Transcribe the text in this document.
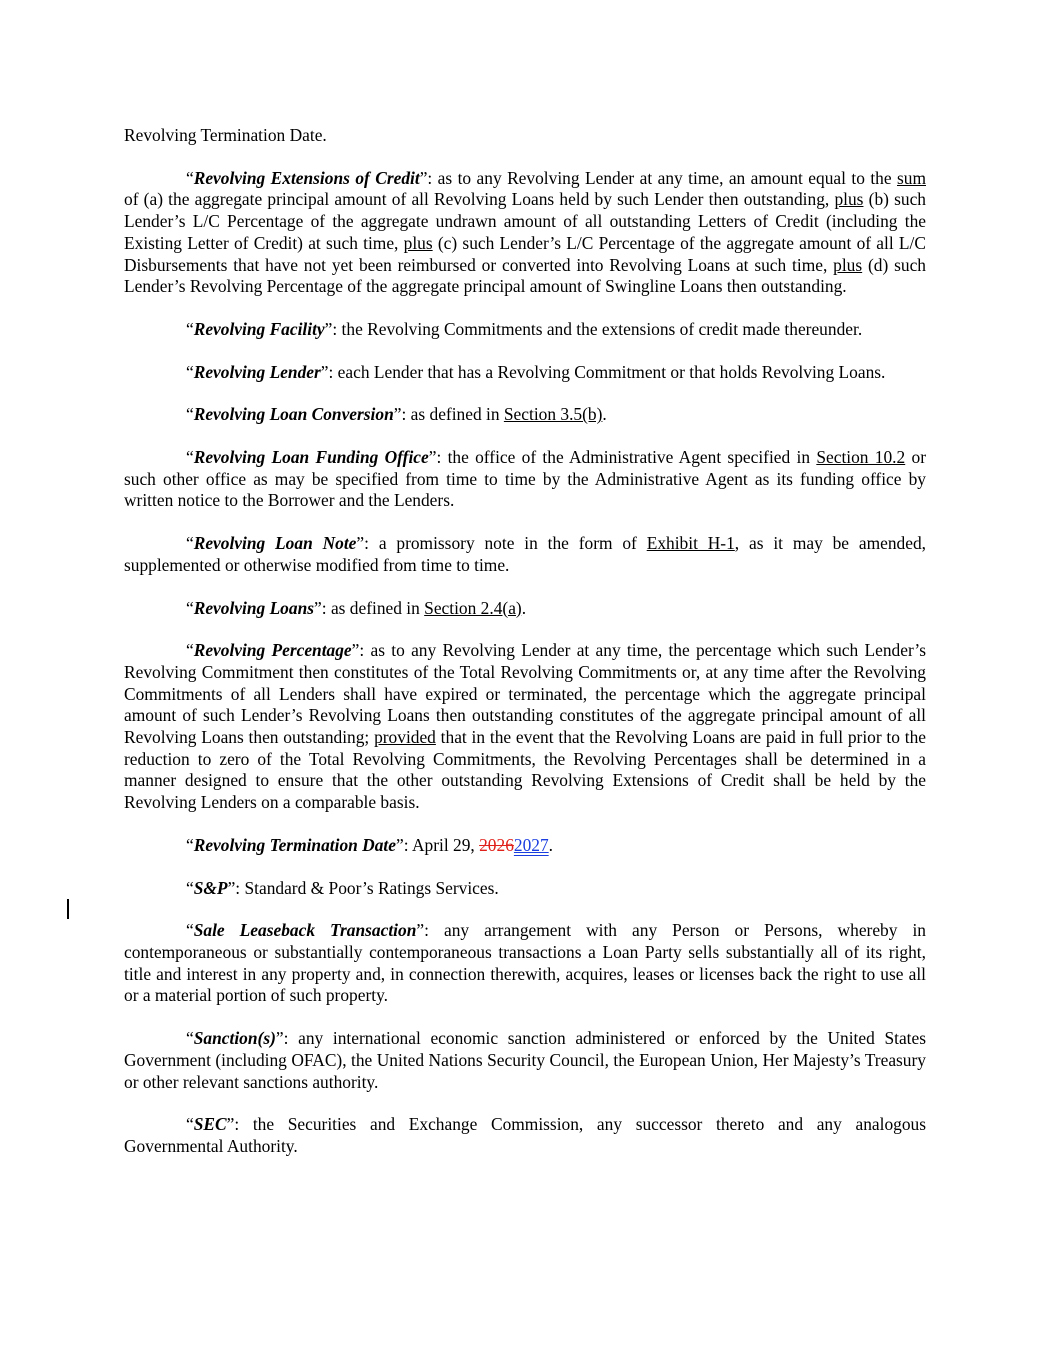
Revolving Termination Date.

“Revolving Extensions of Credit”: as to any Revolving Lender at any time, an amount equal to the sum of (a) the aggregate principal amount of all Revolving Loans held by such Lender then outstanding, plus (b) such Lender’s L/C Percentage of the aggregate undrawn amount of all outstanding Letters of Credit (including the Existing Letter of Credit) at such time, plus (c) such Lender’s L/C Percentage of the aggregate amount of all L/C Disbursements that have not yet been reimbursed or converted into Revolving Loans at such time, plus (d) such Lender’s Revolving Percentage of the aggregate principal amount of Swingline Loans then outstanding.

“Revolving Facility”: the Revolving Commitments and the extensions of credit made thereunder.

“Revolving Lender”: each Lender that has a Revolving Commitment or that holds Revolving Loans.

“Revolving Loan Conversion”: as defined in Section 3.5(b).

“Revolving Loan Funding Office”: the office of the Administrative Agent specified in Section 10.2 or such other office as may be specified from time to time by the Administrative Agent as its funding office by written notice to the Borrower and the Lenders.

“Revolving Loan Note”: a promissory note in the form of Exhibit H-1, as it may be amended, supplemented or otherwise modified from time to time.

“Revolving Loans”: as defined in Section 2.4(a).

“Revolving Percentage”: as to any Revolving Lender at any time, the percentage which such Lender’s Revolving Commitment then constitutes of the Total Revolving Commitments or, at any time after the Revolving Commitments of all Lenders shall have expired or terminated, the percentage which the aggregate principal amount of such Lender’s Revolving Loans then outstanding constitutes of the aggregate principal amount of all Revolving Loans then outstanding; provided that in the event that the Revolving Loans are paid in full prior to the reduction to zero of the Total Revolving Commitments, the Revolving Percentages shall be determined in a manner designed to ensure that the other outstanding Revolving Extensions of Credit shall be held by the Revolving Lenders on a comparable basis.

“Revolving Termination Date”: April 29, 20262027.

“S&P”: Standard & Poor’s Ratings Services.

“Sale Leaseback Transaction”: any arrangement with any Person or Persons, whereby in contemporaneous or substantially contemporaneous transactions a Loan Party sells substantially all of its right, title and interest in any property and, in connection therewith, acquires, leases or licenses back the right to use all or a material portion of such property.

“Sanction(s)”: any international economic sanction administered or enforced by the United States Government (including OFAC), the United Nations Security Council, the European Union, Her Majesty’s Treasury or other relevant sanctions authority.

“SEC”: the Securities and Exchange Commission, any successor thereto and any analogous Governmental Authority.
